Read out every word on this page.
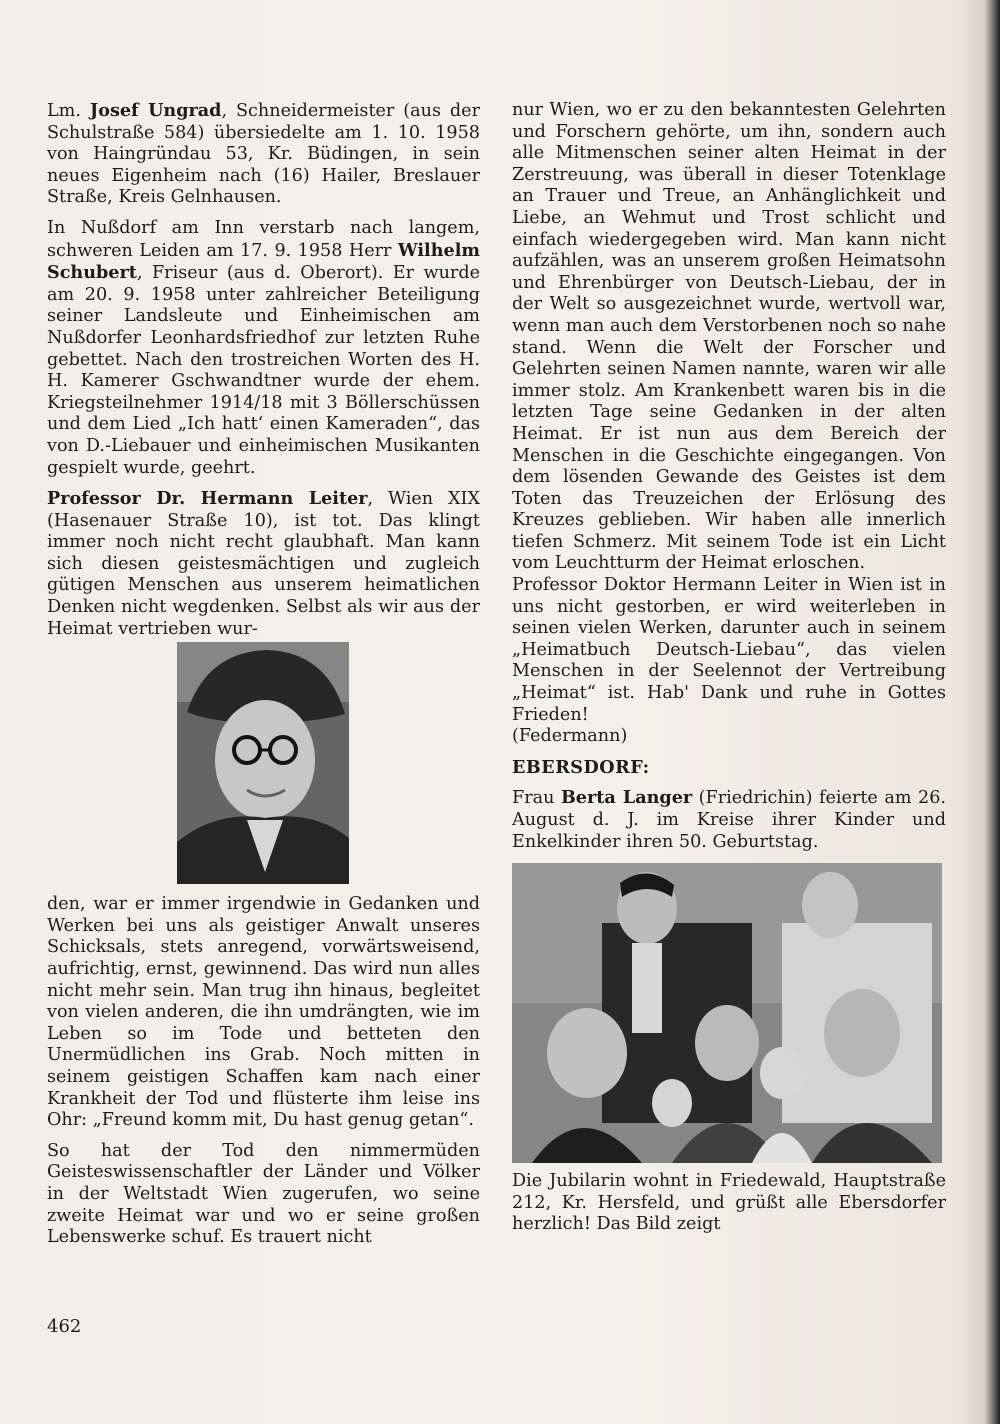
Lm. Josef Ungrad, Schneidermeister (aus der Schulstraße 584) übersiedelte am 1. 10. 1958 von Haingründau 53, Kr. Büdingen, in sein neues Eigenheim nach (16) Hailer, Breslauer Straße, Kreis Gelnhausen.

In Nußdorf am Inn verstarb nach langem, schweren Leiden am 17. 9. 1958 Herr Wilhelm Schubert, Friseur (aus d. Oberort). Er wurde am 20. 9. 1958 unter zahlreicher Beteiligung seiner Landsleute und Einheimischen am Nußdorfer Leonhardsfriedhof zur letzten Ruhe gebettet. Nach den trostreichen Worten des H. H. Kamerer Gschwandtner wurde der ehem. Kriegsteilnehmer 1914/18 mit 3 Böllerschüssen und dem Lied „Ich hatt‘ einen Kameraden“, das von D.-Liebauer und einheimischen Musikanten gespielt wurde, geehrt.

Professor Dr. Hermann Leiter, Wien XIX (Hasenauer Straße 10), ist tot. Das klingt immer noch nicht recht glaubhaft. Man kann sich diesen geistesmächtigen und zugleich gütigen Menschen aus unserem heimatlichen Denken nicht wegdenken. Selbst als wir aus der Heimat vertrieben wur-

den, war er immer irgendwie in Gedanken und Werken bei uns als geistiger Anwalt unseres Schicksals, stets anregend, vorwärtsweisend, aufrichtig, ernst, gewinnend. Das wird nun alles nicht mehr sein. Man trug ihn hinaus, begleitet von vielen anderen, die ihn umdrängten, wie im Leben so im Tode und betteten den Unermüdlichen ins Grab. Noch mitten in seinem geistigen Schaffen kam nach einer Krankheit der Tod und flüsterte ihm leise ins Ohr: „Freund komm mit, Du hast genug getan“.

So hat der Tod den nimmermüden Geisteswissenschaftler der Länder und Völker in der Weltstadt Wien zugerufen, wo seine zweite Heimat war und wo er seine großen Lebenswerke schuf. Es trauert nicht

nur Wien, wo er zu den bekanntesten Gelehrten und Forschern gehörte, um ihn, sondern auch alle Mitmenschen seiner alten Heimat in der Zerstreuung, was überall in dieser Totenklage an Trauer und Treue, an Anhänglichkeit und Liebe, an Wehmut und Trost schlicht und einfach wiedergegeben wird. Man kann nicht aufzählen, was an unserem großen Heimatsohn und Ehrenbürger von Deutsch-Liebau, der in der Welt so ausgezeichnet wurde, wertvoll war, wenn man auch dem Verstorbenen noch so nahe stand. Wenn die Welt der Forscher und Gelehrten seinen Namen nannte, waren wir alle immer stolz. Am Krankenbett waren bis in die letzten Tage seine Gedanken in der alten Heimat. Er ist nun aus dem Bereich der Menschen in die Geschichte eingegangen. Von dem lösenden Gewande des Geistes ist dem Toten das Treuzeichen der Erlösung des Kreuzes geblieben. Wir haben alle innerlich tiefen Schmerz. Mit seinem Tode ist ein Licht vom Leuchtturm der Heimat erloschen.

Professor Doktor Hermann Leiter in Wien ist in uns nicht gestorben, er wird weiterleben in seinen vielen Werken, darunter auch in seinem „Heimatbuch Deutsch-Liebau“, das vielen Menschen in der Seelennot der Vertreibung „Heimat“ ist. Hab' Dank und ruhe in Gottes Frieden!

(Federmann)

EBERSDORF:

Frau Berta Langer (Friedrichin) feierte am 26. August d. J. im Kreise ihrer Kinder und Enkelkinder ihren 50. Geburtstag.

Die Jubilarin wohnt in Friedewald, Hauptstraße 212, Kr. Hersfeld, und grüßt alle Ebersdorfer herzlich! Das Bild zeigt

462
